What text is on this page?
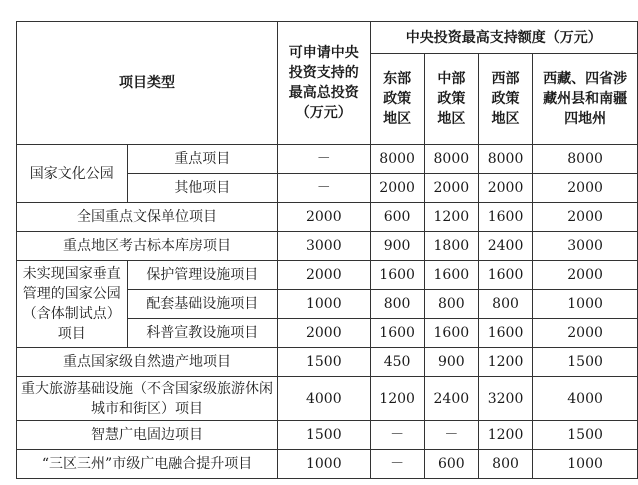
项目类型		可申请中央投资支持的最高总投资（万元）	中央投资最高支持额度（万元）			
			东部政策地区	中部政策地区	西部政策地区	西藏、四省涉藏州县和南疆四地州
国家文化公园	重点项目	－	8000	8000	8000	8000
	其他项目	－	2000	2000	2000	2000
全国重点文保单位项目		2000	600	1200	1600	2000
重点地区考古标本库房项目		3000	900	1800	2400	3000
未实现国家垂直管理的国家公园（含体制试点）项目	保护管理设施项目	2000	1600	1600	1600	2000
	配套基础设施项目	1000	800	800	800	1000
	科普宣教设施项目	2000	1600	1600	1600	2000
重点国家级自然遗产地项目		1500	450	900	1200	1500
重大旅游基础设施（不含国家级旅游休闲城市和街区）项目		4000	1200	2400	3200	4000
智慧广电固边项目		1500	－	－	1200	1500
“三区三州”市级广电融合提升项目		1000	－	600	800	1000
